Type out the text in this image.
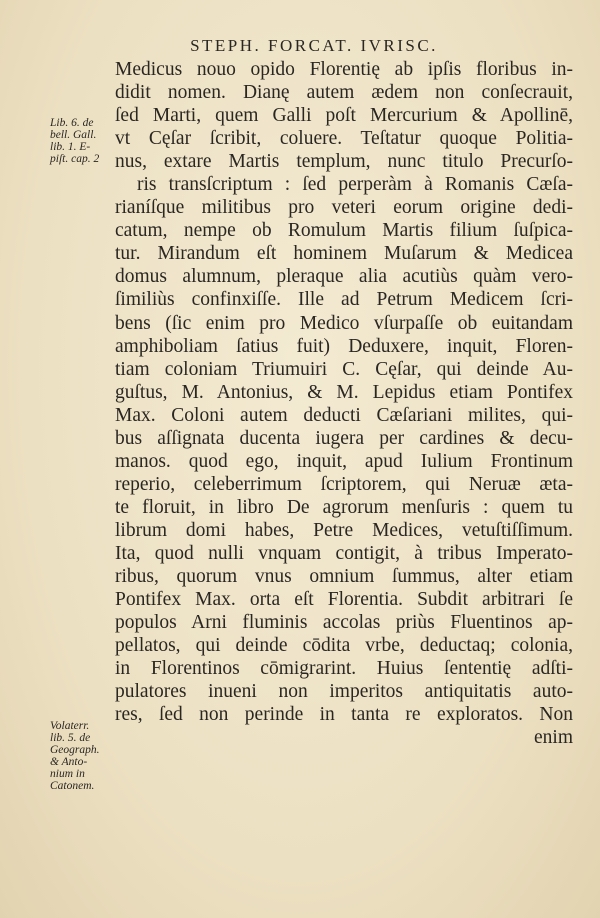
STEPH. FORCAT. IVRISC.
Medicus nouo opido Florentię ab ipſis floribus in-
didit nomen. Dianę autem ædem non conſecrauit,
ſed Marti, quem Galli poſt Mercurium & Apollinē,
vt Cęſar ſcribit, coluere. Teſtatur quoque Politia-
nus, extare Martis templum, nunc titulo Precurſo-
ris transſcriptum : ſed perperàm à Romanis Cæſa-
rianíſque militibus pro veteri eorum origine dedi-
catum, nempe ob Romulum Martis filium ſuſpica-
tur. Mirandum eſt hominem Muſarum & Medicea
domus alumnum, pleraque alia acutiùs quàm vero-
ſimiliùs confinxiſſe. Ille ad Petrum Medicem ſcri-
bens (ſic enim pro Medico vſurpaſſe ob euitandam
amphiboliam ſatius fuit) Deduxere, inquit, Floren-
tiam coloniam Triumuiri C. Cęſar, qui deinde Au-
guſtus, M. Antonius, & M. Lepidus etiam Pontifex
Max. Coloni autem deducti Cæſariani milites, qui-
bus aſſignata ducenta iugera per cardines & decu-
manos. quod ego, inquit, apud Iulium Frontinum
reperio, celeberrimum ſcriptorem, qui Neruæ æta-
te floruit, in libro De agrorum menſuris : quem tu
librum domi habes, Petre Medices, vetuſtiſſimum.
Ita, quod nulli vnquam contigit, à tribus Imperato-
ribus, quorum vnus omnium ſummus, alter etiam
Pontifex Max. orta eſt Florentia. Subdit arbitrari ſe
populos Arni fluminis accolas priùs Fluentinos ap-
pellatos, qui deinde cōdita vrbe, deductaq; colonia,
in Florentinos cōmigrarint. Huius ſententię adſti-
pulatores inueni non imperitos antiquitatis auto-
res, ſed non perinde in tanta re exploratos. Non
enim
Lib. 6. de
bell. Gall.
lib. 1. E-
piſt. cap. 2
Volaterr.
lib. 5. de
Geograph.
& Anto-
nium in
Catonem.
